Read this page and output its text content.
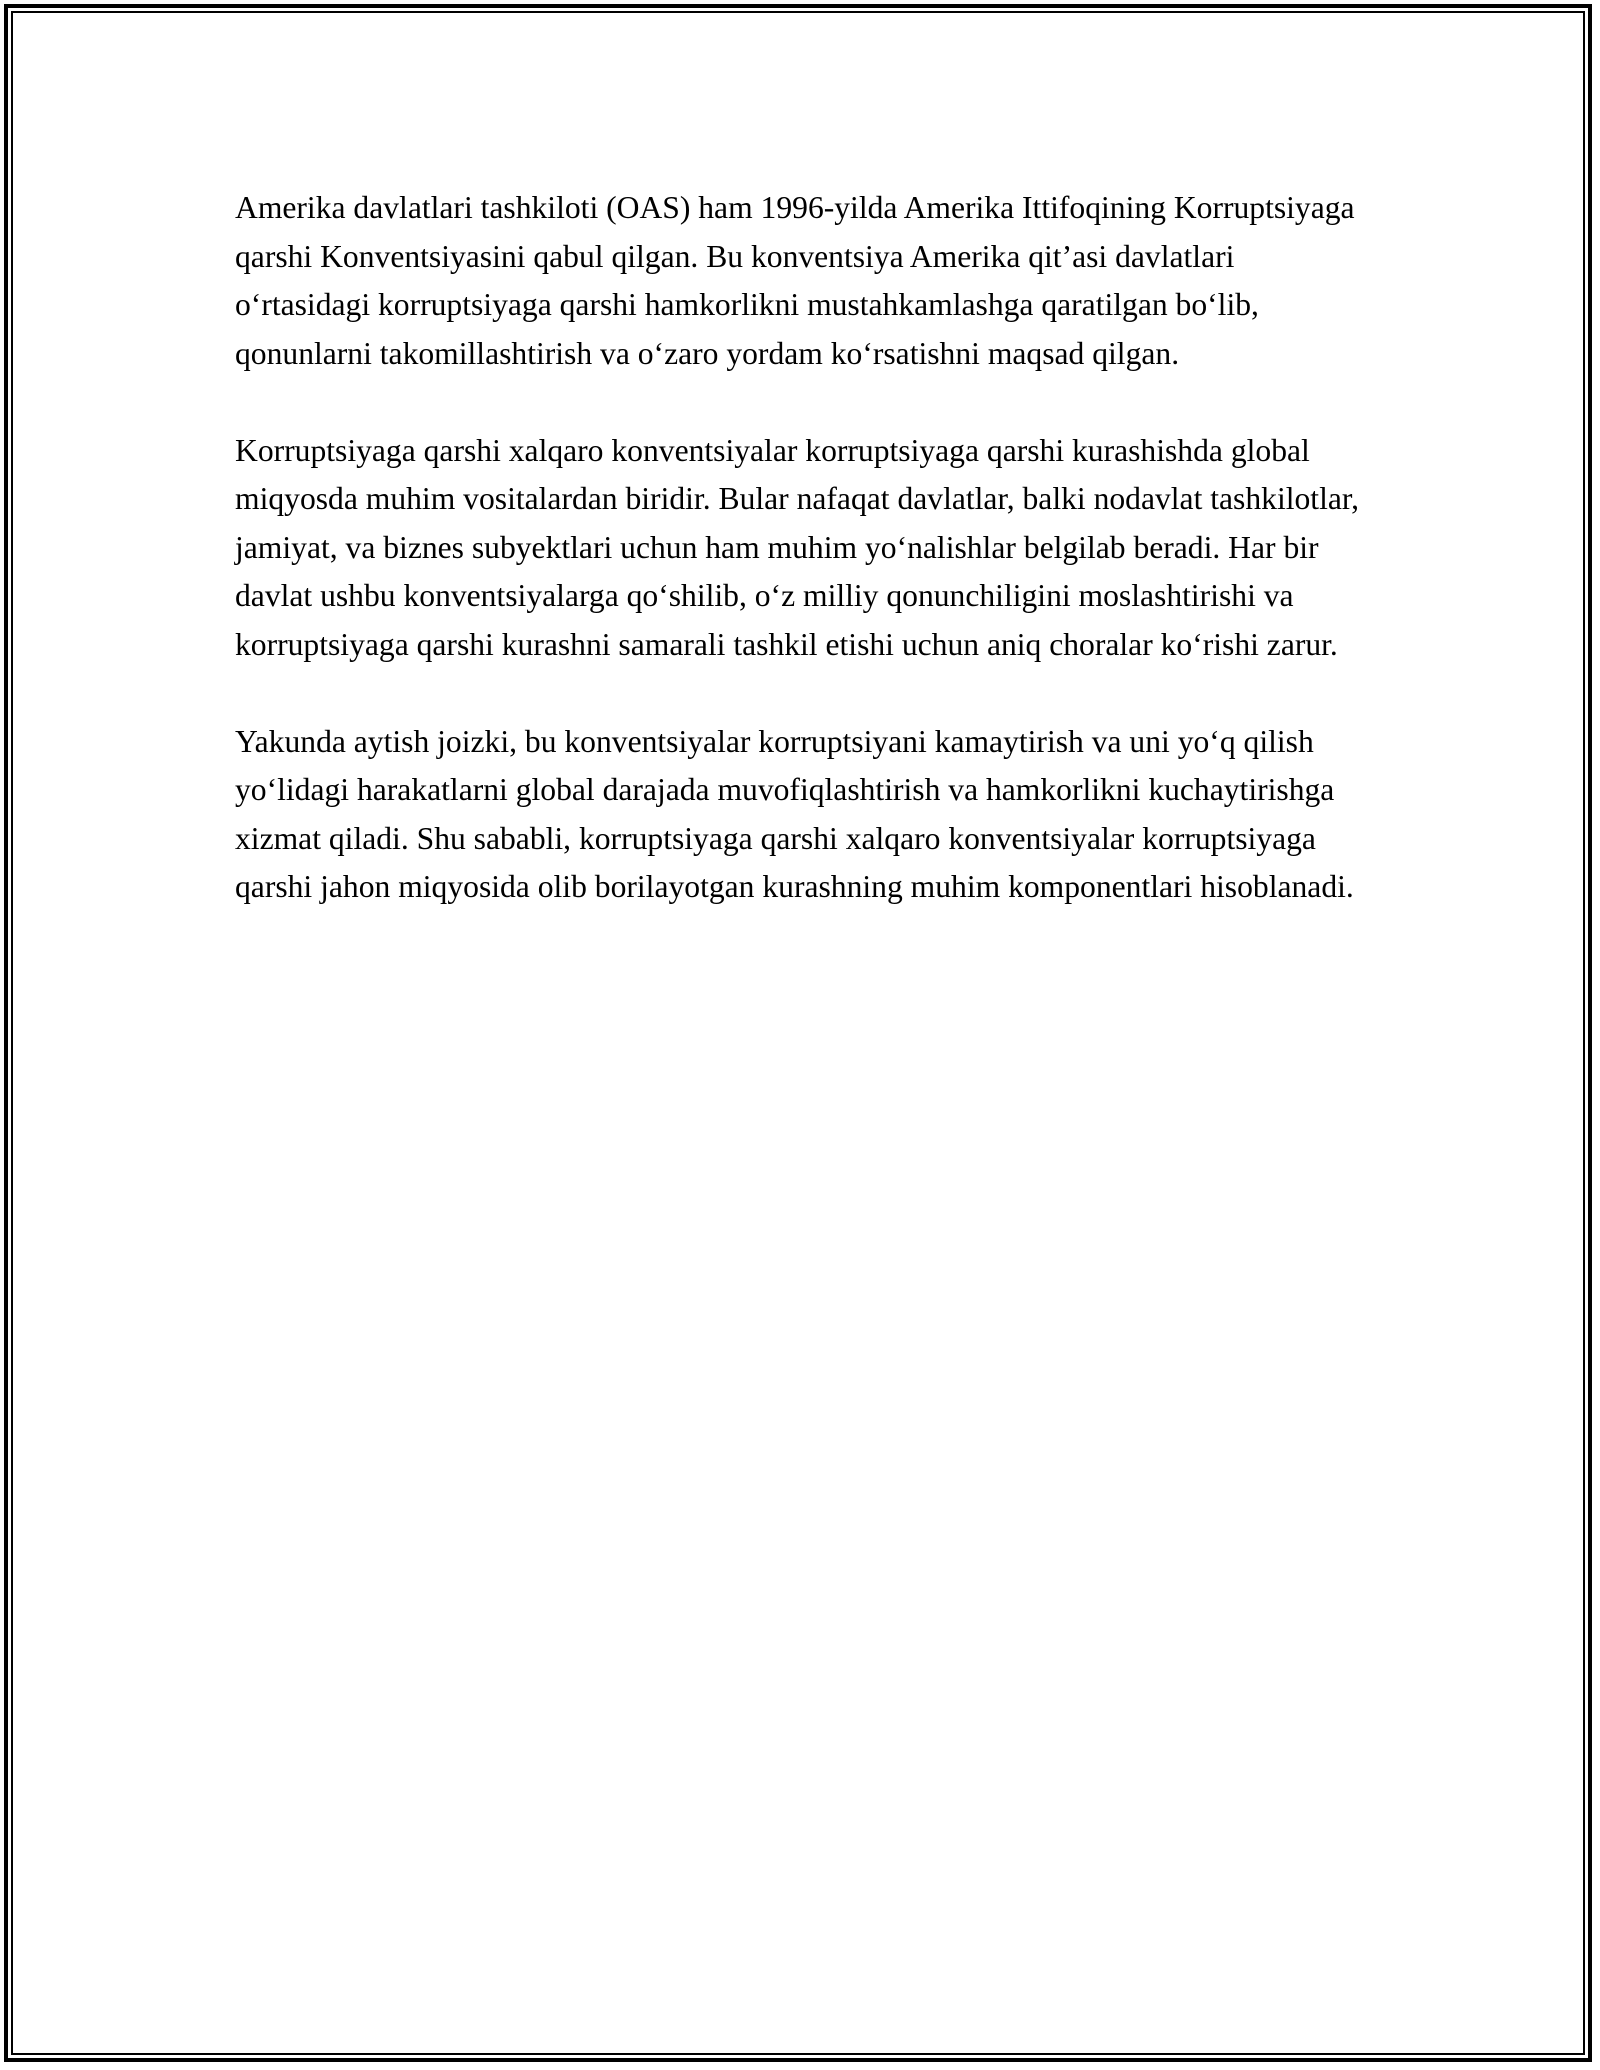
Amerika davlatlari tashkiloti (OAS) ham 1996-yilda Amerika Ittifoqining Korruptsiyaga qarshi Konventsiyasini qabul qilgan. Bu konventsiya Amerika qit’asi davlatlari oʻrtasidagi korruptsiyaga qarshi hamkorlikni mustahkamlashga qaratilgan boʻlib, qonunlarni takomillashtirish va oʻzaro yordam koʻrsatishni maqsad qilgan.

Korruptsiyaga qarshi xalqaro konventsiyalar korruptsiyaga qarshi kurashishda global miqyosda muhim vositalardan biridir. Bular nafaqat davlatlar, balki nodavlat tashkilotlar, jamiyat, va biznes subyektlari uchun ham muhim yoʻnalishlar belgilab beradi. Har bir davlat ushbu konventsiyalarga qoʻshilib, oʻz milliy qonunchiligini moslashtirishi va korruptsiyaga qarshi kurashni samarali tashkil etishi uchun aniq choralar koʻrishi zarur.

Yakunda aytish joizki, bu konventsiyalar korruptsiyani kamaytirish va uni yoʻq qilish yoʻlidagi harakatlarni global darajada muvofiqlashtirish va hamkorlikni kuchaytirishga xizmat qiladi. Shu sababli, korruptsiyaga qarshi xalqaro konventsiyalar korruptsiyaga qarshi jahon miqyosida olib borilayotgan kurashning muhim komponentlari hisoblanadi.
